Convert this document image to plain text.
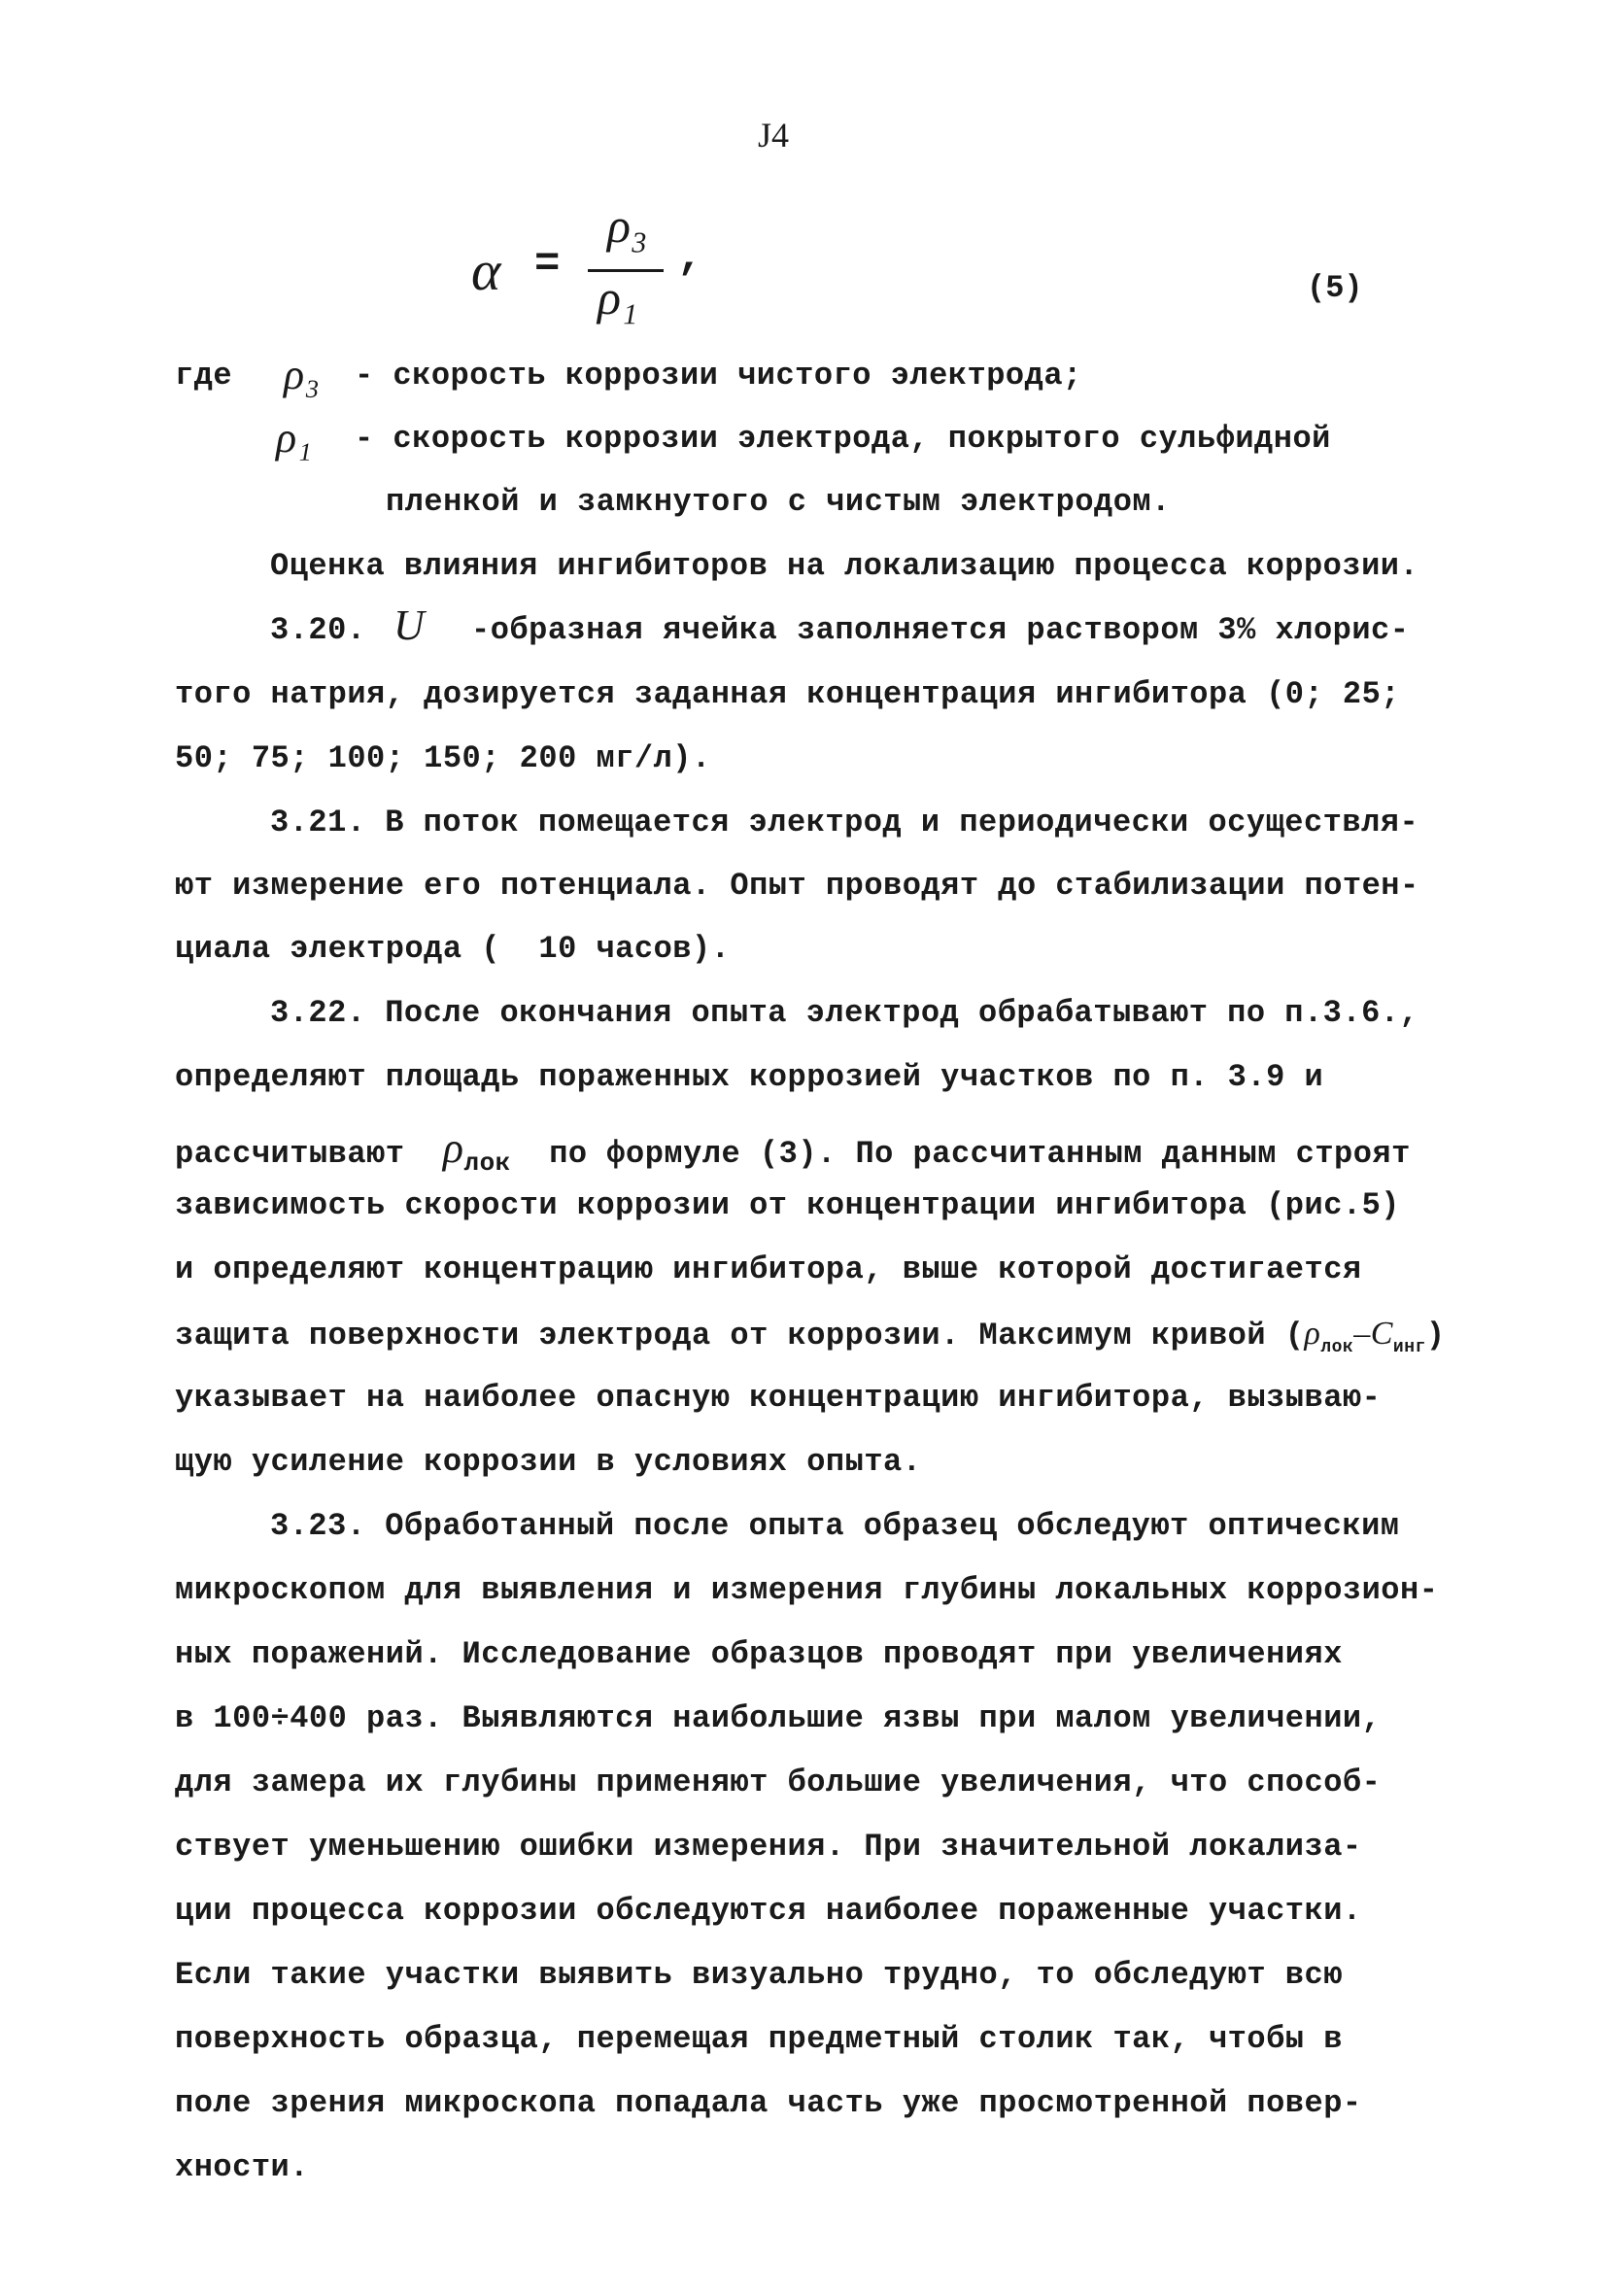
J4
α =
ρ₃
ρ₁
,
(5)
где ρ₃ - скорость коррозии чистого электрода;
ρ₁ - скорость коррозии электрода, покрытого сульфидной
пленкой и замкнутого с чистым электродом.
Оценка влияния ингибиторов на локализацию процесса коррозии.
3.20. U -образная ячейка заполняется раствором 3% хлорис-
того натрия, дозируется заданная концентрация ингибитора (0; 25;
50; 75; 100; 150; 200 мг/л).
3.21. В поток помещается электрод и периодически осуществля-
ют измерение его потенциала. Опыт проводят до стабилизации потен-
циала электрода (  10 часов).
3.22. После окончания опыта электрод обрабатывают по п.3.6.,
определяют площадь пораженных коррозией участков по п. 3.9 и
рассчитывают $\rho_{лок}$ по формуле (3). По рассчитанным данным строят
зависимость скорости коррозии от концентрации ингибитора (рис.5)
и определяют концентрацию ингибитора, выше которой достигается
защита поверхности электрода от коррозии. Максимум кривой $(\rho_{лок}-C_{инг})$
указывает на наиболее опасную концентрацию ингибитора, вызываю-
щую усиление коррозии в условиях опыта.
3.23. Обработанный после опыта образец обследуют оптическим
микроскопом для выявления и измерения глубины локальных коррозион-
ных поражений. Исследование образцов проводят при увеличениях
в 100÷400 раз. Выявляются наибольшие язвы при малом увеличении,
для замера их глубины применяют большие увеличения, что способ-
ствует уменьшению ошибки измерения. При значительной локализа-
ции процесса коррозии обследуются наиболее пораженные участки.
Если такие участки выявить визуально трудно, то обследуют всю
поверхность образца, перемещая предметный столик так, чтобы в
поле зрения микроскопа попадала часть уже просмотренной повер-
хности.
